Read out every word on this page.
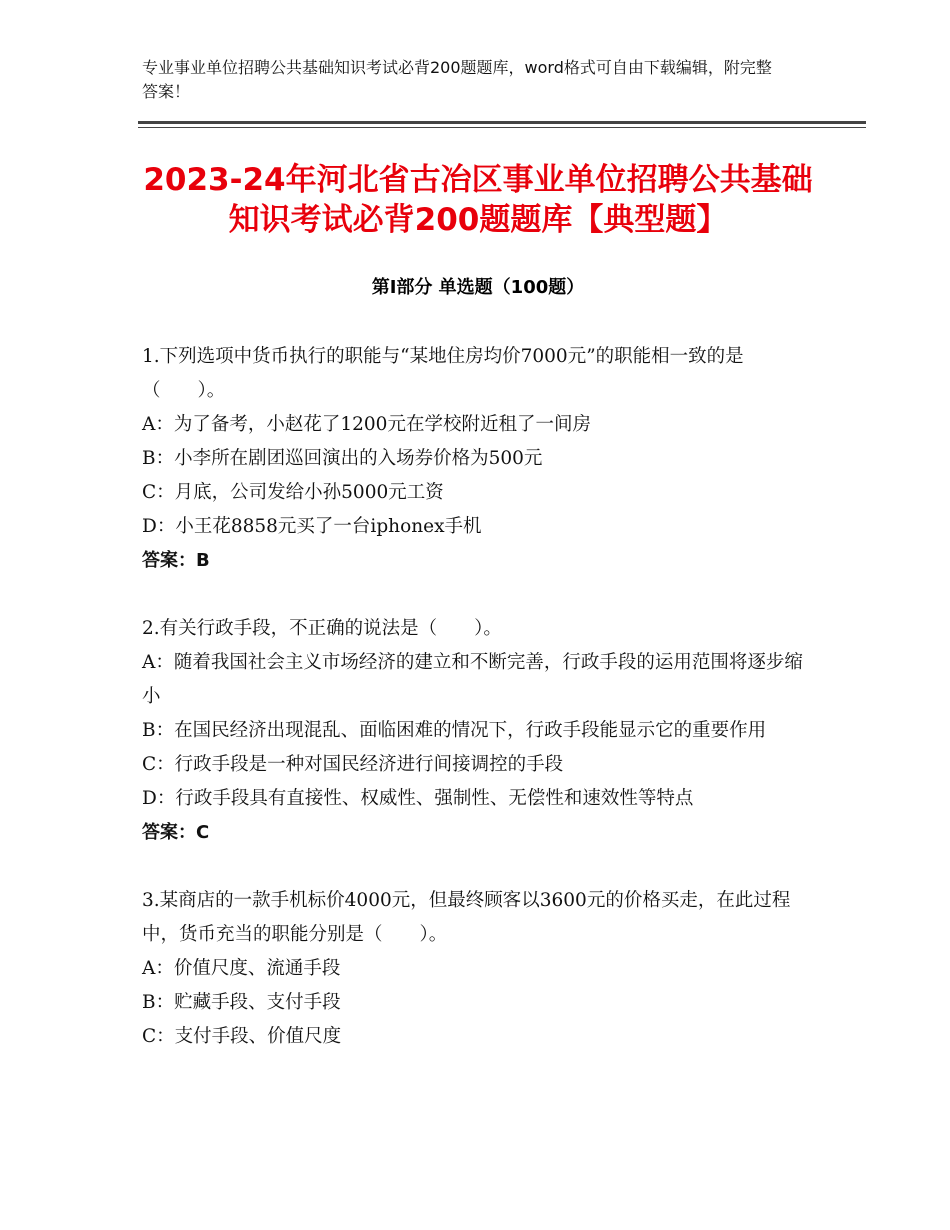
专业事业单位招聘公共基础知识考试必背200题题库，word格式可自由下载编辑，附完整答案！
2023-24年河北省古冶区事业单位招聘公共基础知识考试必背200题题库【典型题】
第Ⅰ部分 单选题（100题）

1.下列选项中货币执行的职能与“某地住房均价7000元”的职能相一致的是（　　）。

A：为了备考，小赵花了1200元在学校附近租了一间房

B：小李所在剧团巡回演出的入场券价格为500元

C：月底，公司发给小孙5000元工资

D：小王花8858元买了一台iphonex手机

答案：B

2.有关行政手段，不正确的说法是（　　）。

A：随着我国社会主义市场经济的建立和不断完善，行政手段的运用范围将逐步缩小

B：在国民经济出现混乱、面临困难的情况下，行政手段能显示它的重要作用

C：行政手段是一种对国民经济进行间接调控的手段

D：行政手段具有直接性、权威性、强制性、无偿性和速效性等特点

答案：C

3.某商店的一款手机标价4000元，但最终顾客以3600元的价格买走，在此过程中，货币充当的职能分别是（　　）。

A：价值尺度、流通手段

B：贮藏手段、支付手段

C：支付手段、价值尺度
